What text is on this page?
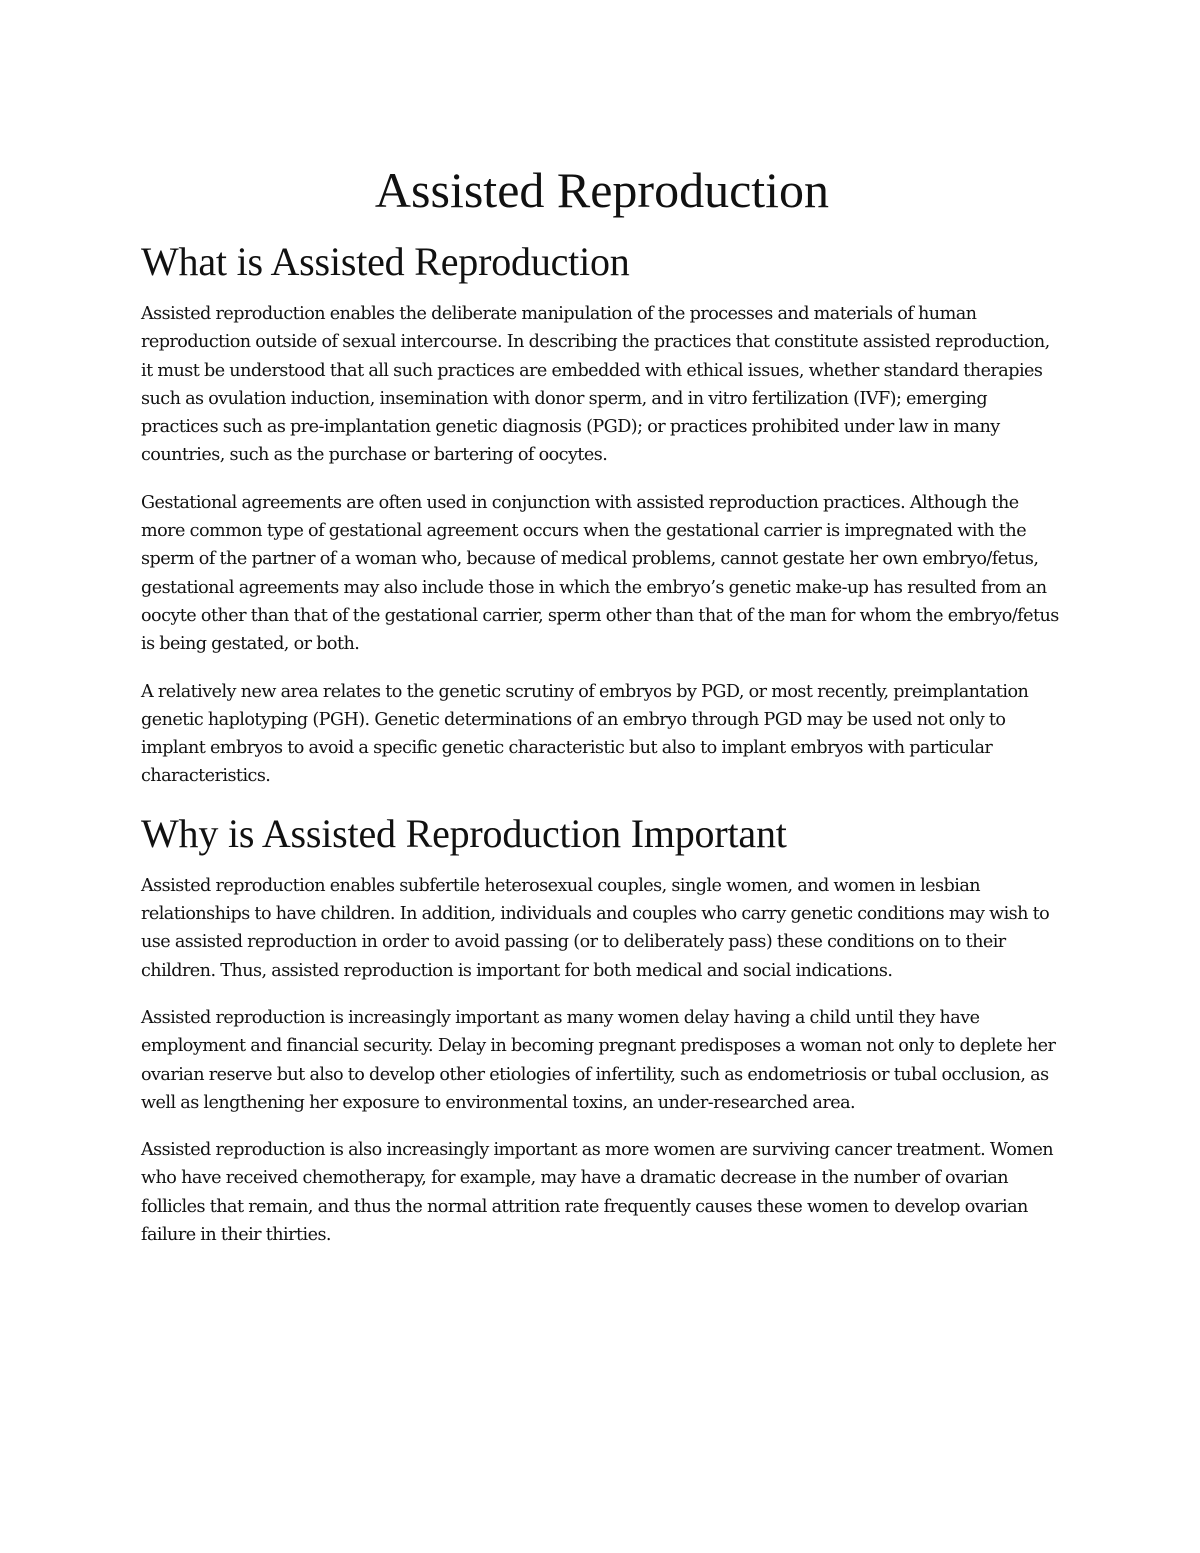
Assisted Reproduction
What is Assisted Reproduction

Assisted reproduction enables the deliberate manipulation of the processes and materials of human reproduction outside of sexual intercourse. In describing the practices that constitute assisted reproduction, it must be understood that all such practices are embedded with ethical issues, whether standard therapies such as ovulation induction, insemination with donor sperm, and in vitro fertilization (IVF); emerging practices such as pre-implantation genetic diagnosis (PGD); or practices prohibited under law in many countries, such as the purchase or bartering of oocytes.

Gestational agreements are often used in conjunction with assisted reproduction practices. Although the more common type of gestational agreement occurs when the gestational carrier is impregnated with the sperm of the partner of a woman who, because of medical problems, cannot gestate her own embryo/fetus, gestational agreements may also include those in which the embryo’s genetic make-up has resulted from an oocyte other than that of the gestational carrier, sperm other than that of the man for whom the embryo/fetus is being gestated, or both.

A relatively new area relates to the genetic scrutiny of embryos by PGD, or most recently, preimplantation genetic haplotyping (PGH). Genetic determinations of an embryo through PGD may be used not only to implant embryos to avoid a specific genetic characteristic but also to implant embryos with particular characteristics.

Why is Assisted Reproduction Important

Assisted reproduction enables subfertile heterosexual couples, single women, and women in lesbian relationships to have children. In addition, individuals and couples who carry genetic conditions may wish to use assisted reproduction in order to avoid passing (or to deliberately pass) these conditions on to their children. Thus, assisted reproduction is important for both medical and social indications.

Assisted reproduction is increasingly important as many women delay having a child until they have employment and financial security. Delay in becoming pregnant predisposes a woman not only to deplete her ovarian reserve but also to develop other etiologies of infertility, such as endometriosis or tubal occlusion, as well as lengthening her exposure to environmental toxins, an under-researched area.

Assisted reproduction is also increasingly important as more women are surviving cancer treatment. Women who have received chemotherapy, for example, may have a dramatic decrease in the number of ovarian follicles that remain, and thus the normal attrition rate frequently causes these women to develop ovarian failure in their thirties.
